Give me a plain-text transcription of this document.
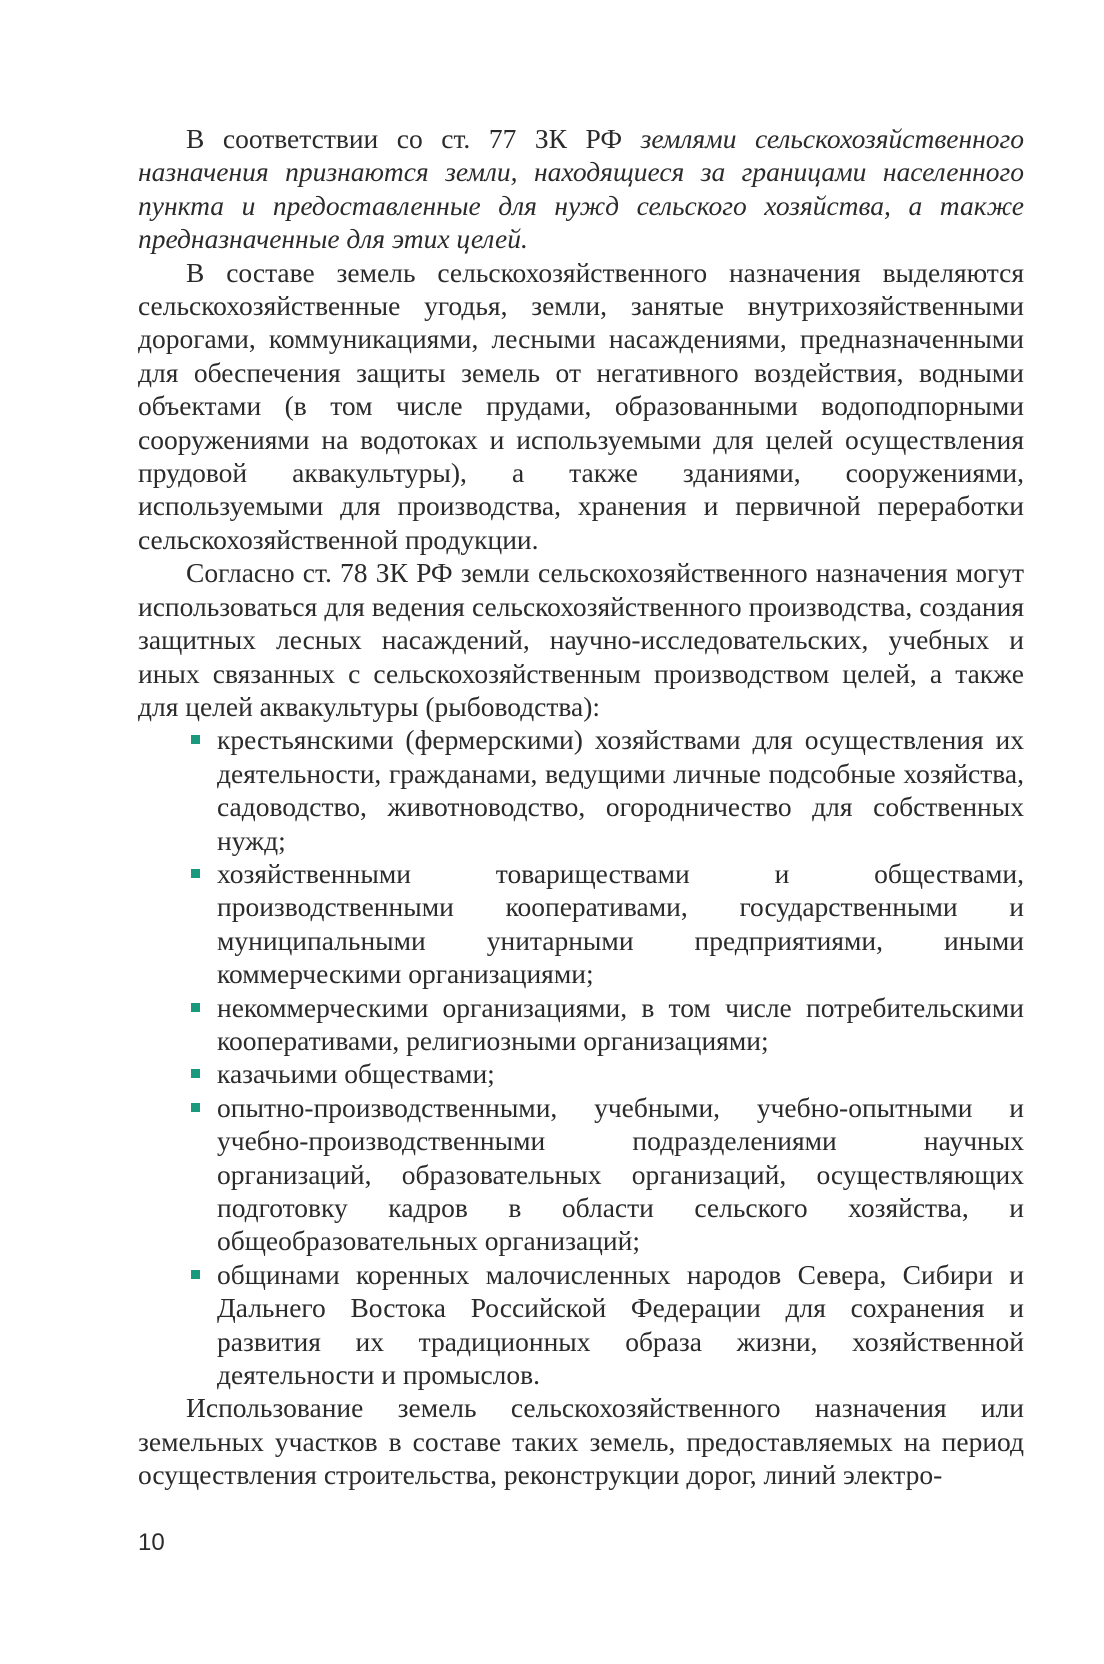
В соответствии со ст. 77 ЗК РФ землями сельскохозяйственного назначения признаются земли, находящиеся за границами населенного пункта и предоставленные для нужд сельского хозяйства, а также предназначенные для этих целей.

В составе земель сельскохозяйственного назначения выделяются сельскохозяйственные угодья, земли, занятые внутрихозяйственными дорогами, коммуникациями, лесными насаждениями, предназначенными для обеспечения защиты земель от негативного воздействия, водными объектами (в том числе прудами, образованными водоподпорными сооружениями на водотоках и используемыми для целей осуществления прудовой аквакультуры), а также зданиями, сооружениями, используемыми для производства, хранения и первичной переработки сельскохозяйственной продукции.

Согласно ст. 78 ЗК РФ земли сельскохозяйственного назначения могут использоваться для ведения сельскохозяйственного производства, создания защитных лесных насаждений, научно-исследовательских, учебных и иных связанных с сельскохозяйственным производством целей, а также для целей аквакультуры (рыбоводства):

крестьянскими (фермерскими) хозяйствами для осуществления их деятельности, гражданами, ведущими личные подсобные хозяйства, садоводство, животноводство, огородничество для собственных нужд;
хозяйственными товариществами и обществами, производственными кооперативами, государственными и муниципальными унитарными предприятиями, иными коммерческими организациями;
некоммерческими организациями, в том числе потребительскими кооперативами, религиозными организациями;
казачьими обществами;
опытно-производственными, учебными, учебно-опытными и учебно-производственными подразделениями научных организаций, образовательных организаций, осуществляющих подготовку кадров в области сельского хозяйства, и общеобразовательных организаций;
общинами коренных малочисленных народов Севера, Сибири и Дальнего Востока Российской Федерации для сохранения и развития их традиционных образа жизни, хозяйственной деятельности и промыслов.

Использование земель сельскохозяйственного назначения или земельных участков в составе таких земель, предоставляемых на период осуществления строительства, реконструкции дорог, линий электро-

10
